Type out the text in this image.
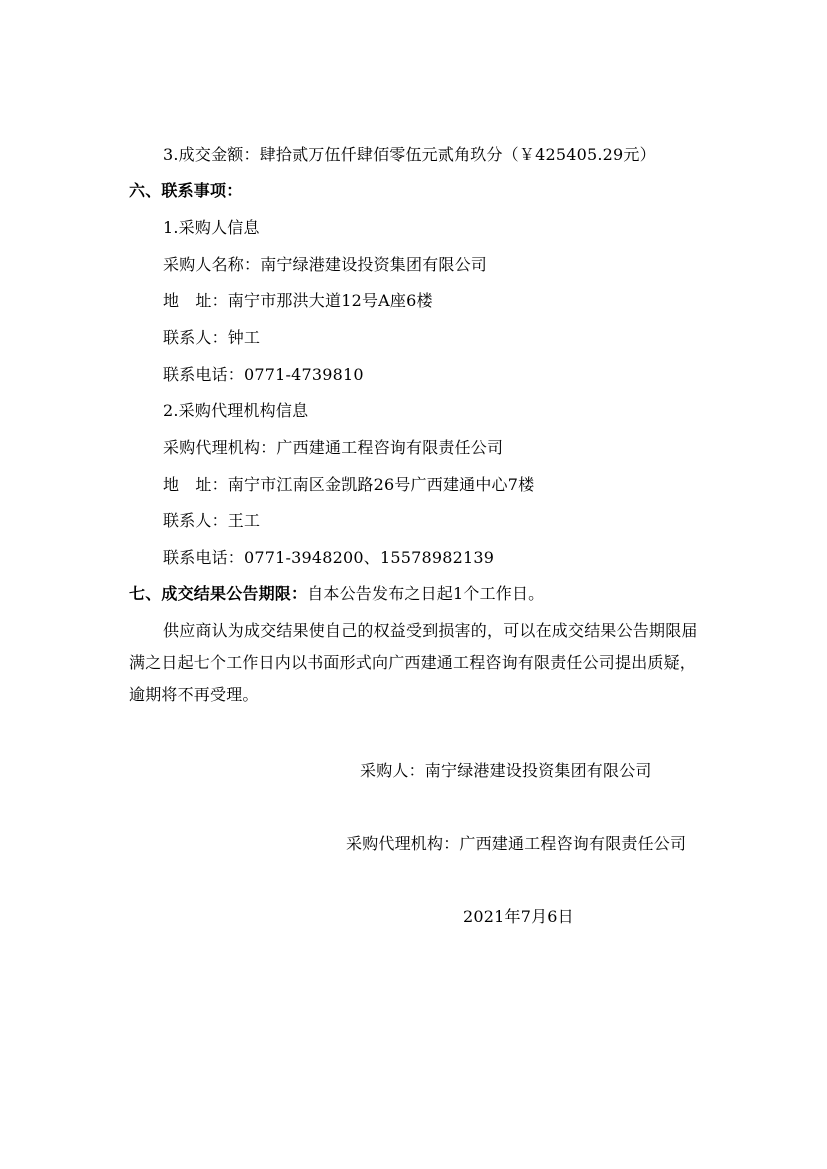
3.成交金额：肆拾贰万伍仟肆佰零伍元贰角玖分（￥425405.29元）
六、联系事项：
1.采购人信息
采购人名称：南宁绿港建设投资集团有限公司
地　址：南宁市那洪大道12号A座6楼
联系人：钟工
联系电话：0771-4739810
2.采购代理机构信息
采购代理机构：广西建通工程咨询有限责任公司
地　址：南宁市江南区金凯路26号广西建通中心7楼
联系人：王工
联系电话：0771-3948200、15578982139
七、成交结果公告期限：自本公告发布之日起1个工作日。
供应商认为成交结果使自己的权益受到损害的，可以在成交结果公告期限届满之日起七个工作日内以书面形式向广西建通工程咨询有限责任公司提出质疑，逾期将不再受理。
采购人：南宁绿港建设投资集团有限公司
采购代理机构：广西建通工程咨询有限责任公司
2021年7月6日
